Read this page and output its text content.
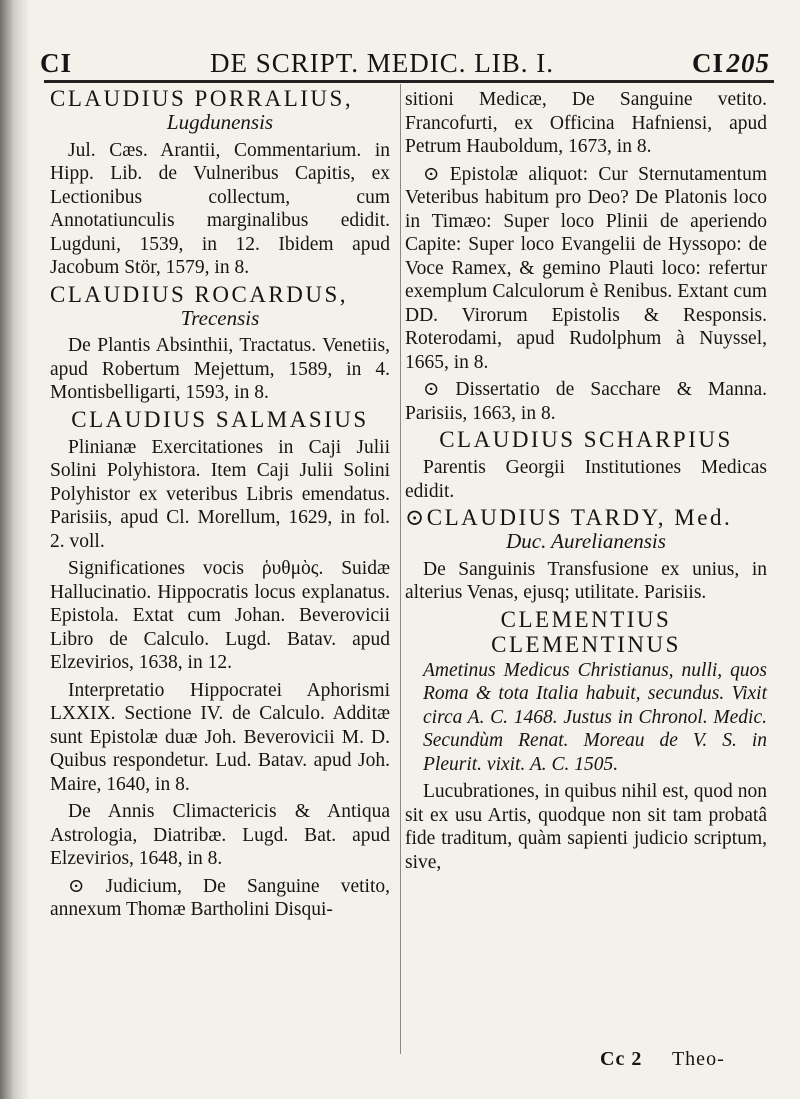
CI	DE SCRIPT. MEDIC. LIB. I.	CI 205
CLAUDIUS PORRALIUS,
Lugdunensis
Jul. Cæs. Arantii, Commentarium. in Hipp. Lib. de Vulneribus Capitis, ex Lectionibus collectum, cum Annotatiunculis marginalibus edidit. Lugduni, 1539, in 12. Ibidem apud Jacobum Stör, 1579, in 8.
CLAUDIUS ROCARDUS,
Trecensis
De Plantis Absinthii, Tractatus. Venetiis, apud Robertum Mejettum, 1589, in 4. Montisbelligarti, 1593, in 8.
CLAUDIUS SALMASIUS
Plinianæ Exercitationes in Caji Julii Solini Polyhistora. Item Caji Julii Solini Polyhistor ex veteribus Libris emendatus. Parisiis, apud Cl. Morellum, 1629, in fol. 2. voll.
Significationes vocis ῥυθμὸς. Suidæ Hallucinatio. Hippocratis locus explanatus. Epistola. Extat cum Johan. Beverovicii Libro de Calculo. Lugd. Batav. apud Elzevirios, 1638, in 12.
Interpretatio Hippocratei Aphorismi LXXIX. Sectione IV. de Calculo. Additæ sunt Epistolæ duæ Joh. Beverovicii M. D. Quibus respondetur. Lud. Batav. apud Joh. Maire, 1640, in 8.
De Annis Climactericis & Antiqua Astrologia, Diatribæ. Lugd. Bat. apud Elzevirios, 1648, in 8.
⊙ Judicium, De Sanguine vetito, annexum Thomæ Bartholini Disqui-
sitioni Medicæ, De Sanguine vetito. Francofurti, ex Officina Hafniensi, apud Petrum Hauboldum, 1673, in 8.
⊙ Epistolæ aliquot: Cur Sternutamentum Veteribus habitum pro Deo? De Platonis loco in Timæo: Super loco Plinii de aperiendo Capite: Super loco Evangelii de Hyssopo: de Voce Ramex, & gemino Plauti loco: refertur exemplum Calculorum è Renibus. Extant cum DD. Virorum Epistolis & Responsis. Roterodami, apud Rudolphum à Nuyssel, 1665, in 8.
⊙ Dissertatio de Sacchare & Manna. Parisiis, 1663, in 8.
CLAUDIUS SCHARPIUS
Parentis Georgii Institutiones Medicas edidit.
⊙CLAUDIUS TARDY, Med.
Duc. Aurelianensis
De Sanguinis Transfusione ex unius, in alterius Venas, ejusq; utilitate. Parisiis.
CLEMENTIUS CLEMENTINUS
Ametinus Medicus Christianus, nulli, quos Roma & tota Italia habuit, secundus. Vixit circa A. C. 1468. Justus in Chronol. Medic. Secundùm Renat. Moreau de V. S. in Pleurit. vixit. A. C. 1505.
Lucubrationes, in quibus nihil est, quod non sit ex usu Artis, quodque non sit tam probatâ fide traditum, quàm sapienti judicio scriptum, sive,
Cc 2 Theo-
